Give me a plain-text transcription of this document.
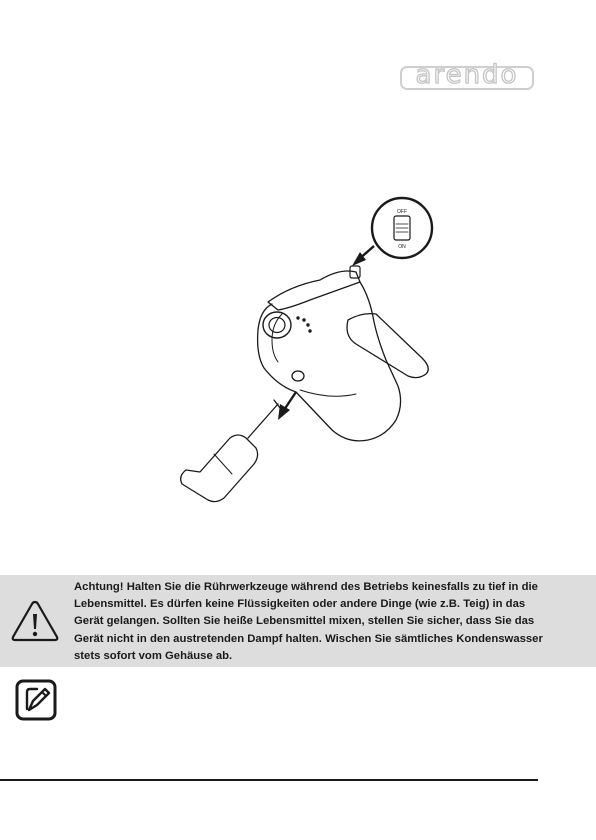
arendo
OFF
ON
Achtung! Halten Sie die Rührwerkzeuge während des Betriebs keinesfalls zu tief in die Lebensmittel. Es dürfen keine Flüssigkeiten oder andere Dinge (wie z.B. Teig) in das Gerät gelangen. Sollten Sie heiße Lebensmittel mixen, stellen Sie sicher, dass Sie das Gerät nicht in den austretenden Dampf halten. Wischen Sie sämtliches Kondenswasser stets sofort vom Gehäuse ab.
